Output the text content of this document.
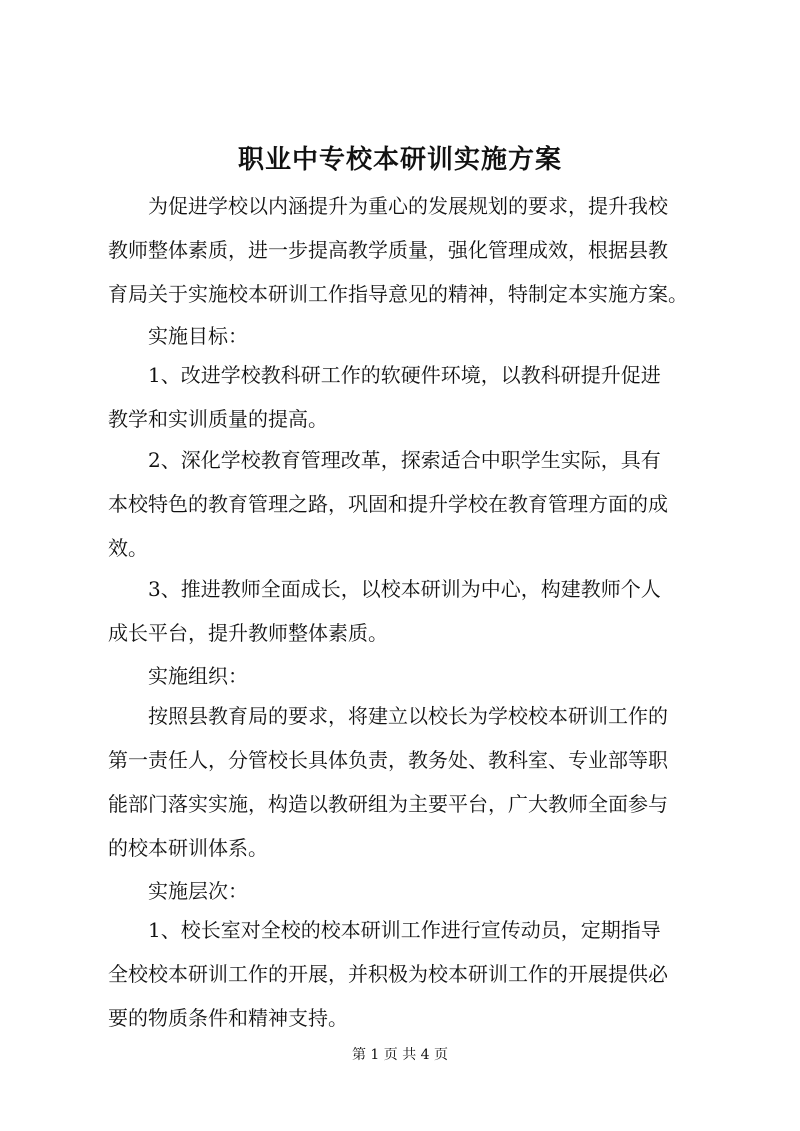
职业中专校本研训实施方案
为促进学校以内涵提升为重心的发展规划的要求，提升我校
教师整体素质，进一步提高教学质量，强化管理成效，根据县教
育局关于实施校本研训工作指导意见的精神，特制定本实施方案。
实施目标：
1、改进学校教科研工作的软硬件环境，以教科研提升促进
教学和实训质量的提高。
2、深化学校教育管理改革，探索适合中职学生实际，具有
本校特色的教育管理之路，巩固和提升学校在教育管理方面的成
效。
3、推进教师全面成长，以校本研训为中心，构建教师个人
成长平台，提升教师整体素质。
实施组织：
按照县教育局的要求，将建立以校长为学校校本研训工作的
第一责任人，分管校长具体负责，教务处、教科室、专业部等职
能部门落实实施，构造以教研组为主要平台，广大教师全面参与
的校本研训体系。
实施层次：
1、校长室对全校的校本研训工作进行宣传动员，定期指导
全校校本研训工作的开展，并积极为校本研训工作的开展提供必
要的物质条件和精神支持。
第 1 页 共 4 页
